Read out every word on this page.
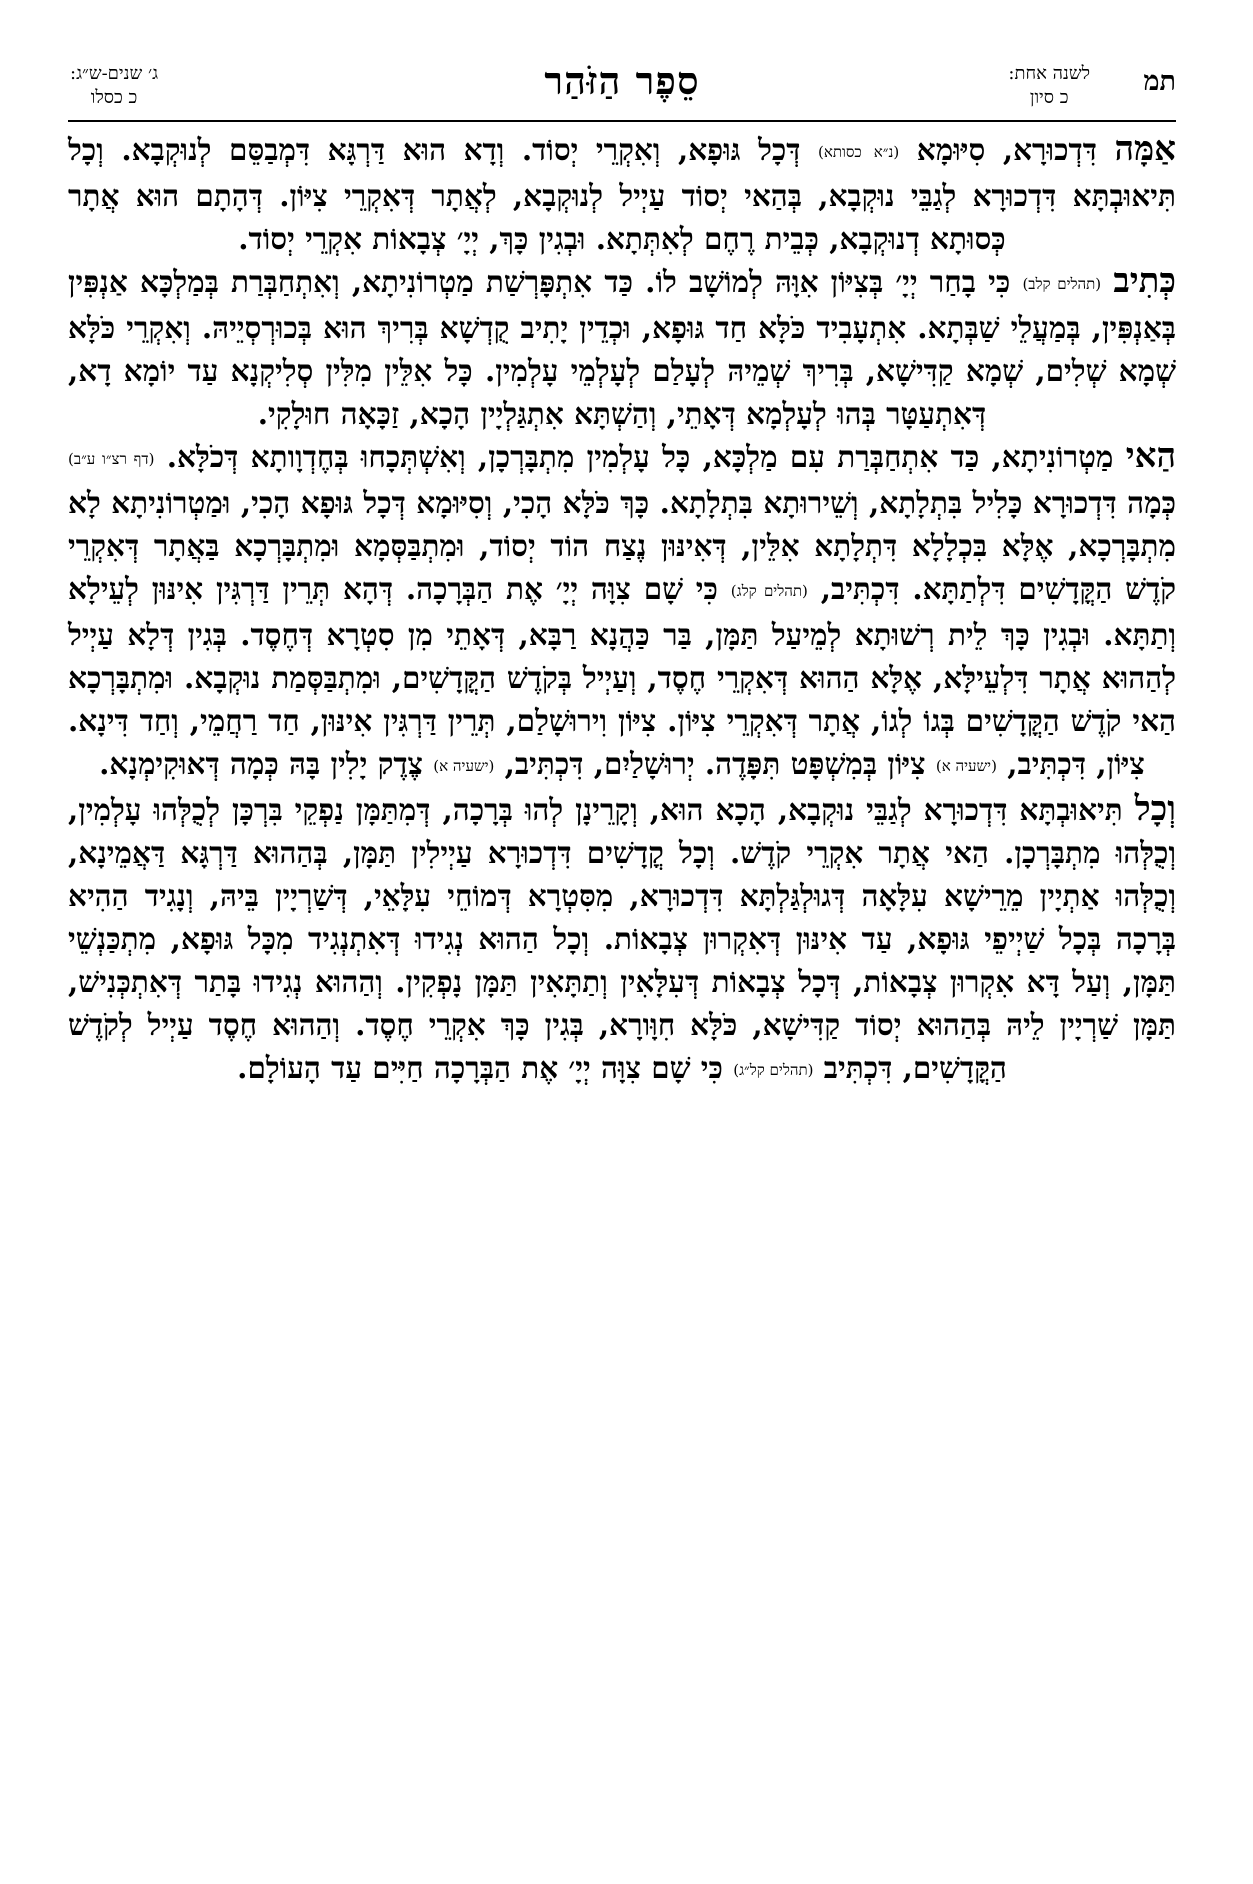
תמ
לשנה אחת:
כ סיון
סֵפֶר הַזֹּהַר
ג׳ שנים-ש״ג:
כ כסלו

אַמָּה דִּדְכוּרָא, סִיּוּמָא (נ״א כסותא) דְּכָל גּוּפָא, וְאִקְרֵי יְסוֹד. וְדָא הוּא דַּרְגָּא דִּמְבַסֵּם לְנוּקְבָא. וְכָל תִּיאוּבְתָּא דִּדְכוּרָא לְגַבֵּי נוּקְבָא, בְּהַאי יְסוֹד עַיְיל לְנוּקְבָא, לְאֲתָר דְּאִקְרֵי צִיּוֹן. דְּהָתָם הוּא אֲתָר כְּסוּתָא דְנוּקְבָא, כְּבֵית רֶחֶם לְאִתְּתָא. וּבְגִין כָּךְ, יְיָ׳ צְבָאוֹת אִקְרֵי יְסוֹד.

כְּתִיב (תהלים קלב) כִּי בָחַר יְיָ׳ בְּצִיּוֹן אִוָּהּ לְמוֹשָׁב לוֹ. כַּד אִתְפָּרְשַׁת מַטְרוֹנִיתָא, וְאִתְחַבְּרַת בְּמַלְכָּא אַנְפִּין בְּאַנְפִּין, בְּמַעֲלֵי שַׁבְּתָא. אִתְעָבִיד כֹּלָּא חַד גּוּפָא, וּכְדֵין יָתִיב קֻדְשָׁא בְּרִיךְ הוּא בְּכוּרְסְיֵיהּ. וְאִקְרֵי כֹּלָּא שְׁמָא שְׁלִים, שְׁמָא קַדִּישָׁא, בְּרִיךְ שְׁמֵיהּ לְעָלַם לְעָלְמֵי עָלְמִין. כָּל אִלֵּין מִלִּין סְלִיקְנָא עַד יוֹמָא דָא, דְּאִתְעַטָּר בְּהוּ לְעָלְמָא דְּאָתֵי, וְהַשְׁתָּא אִתְגַּלְיָין הָכָא, זַכָּאָה חוּלָקִי.

הַאי מַטְרוֹנִיתָא, כַּד אִתְחַבְּרַת עִם מַלְכָּא, כָּל עָלְמִין מִתְבָּרְכָן, וְאִשְׁתְּכָחוּ בְּחֶדְוָותָא דְּכֹלָּא. (דף רצ״ו ע״ב) כְּמָה דִּדְכוּרָא כָּלִיל בִּתְלָתָא, וְשֵׁירוּתָא בִּתְלָתָא. כָּךְ כֹּלָּא הָכִי, וְסִיּוּמָא דְּכָל גּוּפָא הָכִי, וּמַטְרוֹנִיתָא לָא מִתְבָּרְכָא, אֶלָּא בִּכְלָלָא דִּתְלָתָא אִלֵּין, דְּאִינּוּן נֶצַח הוֹד יְסוֹד, וּמִתְבַּסְּמָא וּמִתְבָּרְכָא בַּאֲתָר דְּאִקְרֵי קֹדֶשׁ הַקֳּדָשִׁים דִּלְתַתָּא. דִּכְתִּיב, (תהלים קלג) כִּי שָׁם צִוָּה יְיָ׳ אֶת הַבְּרָכָה. דְּהָא תְּרֵין דַּרְגִּין אִינּוּן לְעֵילָא וְתַתָּא. וּבְגִין כָּךְ לֵית רְשׁוּתָא לְמֵיעַל תַּמָּן, בַּר כַּהֲנָא רַבָּא, דְּאָתֵי מִן סִטְרָא דְּחֶסֶד. בְּגִין דְּלָא עַיְיל לְהַהוּא אֲתָר דִּלְעֵילָּא, אֶלָּא הַהוּא דְּאִקְרֵי חֶסֶד, וְעַיְיל בְּקֹדֶשׁ הַקֳּדָשִׁים, וּמִתְבַּסְּמַת נוּקְבָא. וּמִתְבָּרְכָא הַאי קֹדֶשׁ הַקֳּדָשִׁים בְּגוֹ לְגוֹ, אֲתָר דְּאִקְרֵי צִיּוֹן. צִיּוֹן וִירוּשָׁלַם, תְּרֵין דַּרְגִּין אִינּוּן, חַד רַחֲמֵי, וְחַד דִּינָא. צִיּוֹן, דִּכְתִּיב, (ישעיה א) צִיּוֹן בְּמִשְׁפָּט תִּפָּדֶה. יְרוּשָׁלַיִם, דִּכְתִּיב, (ישעיה א) צֶדֶק יָלִין בָּהּ כְּמָה דְּאוּקִימְנָא.

וְכָל תִּיאוּבְתָּא דִּדְכוּרָא לְגַבֵּי נוּקְבָא, הָכָא הוּא, וְקָרֵינָן לְהוּ בְּרָכָה, דְּמִתַּמָּן נַפְקֵי בִּרְכָּן לְכֻלְּהוּ עָלְמִין, וְכֻלְּהוּ מִתְבָּרְכָן. הַאי אֲתָר אִקְרֵי קֹדֶשׁ. וְכָל קֳדָשִׁים דִּדְכוּרָא עַיְילִין תַּמָּן, בְּהַהוּא דַּרְגָּא דַּאֲמֵינָא, וְכֻלְּהוּ אַתְיָין מֵרֵישָׁא עִלָּאָה דְּגוּלְגַּלְתָּא דִּדְכוּרָא, מִסִּטְרָא דְּמוֹחֵי עִלָּאֵי, דְּשַׁרְיָין בֵּיהּ, וְנָגִיד הַהִיא בְּרָכָה בְּכָל שַׁיְיפֵי גּוּפָא, עַד אִינּוּן דְּאִקְרוּן צְבָאוֹת. וְכָל הַהוּא נְגִידוּ דְּאִתְנְגִיד מִכָּל גּוּפָא, מִתְכַּנְשֵׁי תַּמָּן, וְעַל דָּא אִקְרוּן צְבָאוֹת, דְּכָל צְבָאוֹת דְּעִלָּאִין וְתַתָּאִין תַּמָּן נָפְקִין. וְהַהוּא נְגִידוּ בָּתַר דְּאִתְכְּנִישׁ, תַּמָּן שַׁרְיָין לֵיהּ בְּהַהוּא יְסוֹד קַדִּישָׁא, כֹּלָּא חִוָּורָא, בְּגִין כָּךְ אִקְרֵי חֶסֶד. וְהַהוּא חֶסֶד עַיְיל לְקֹדֶשׁ הַקֳּדָשִׁים, דִּכְתִּיב (תהלים קל״ג) כִּי שָׁם צִוָּה יְיָ׳ אֶת הַבְּרָכָה חַיִּים עַד הָעוֹלָם.
